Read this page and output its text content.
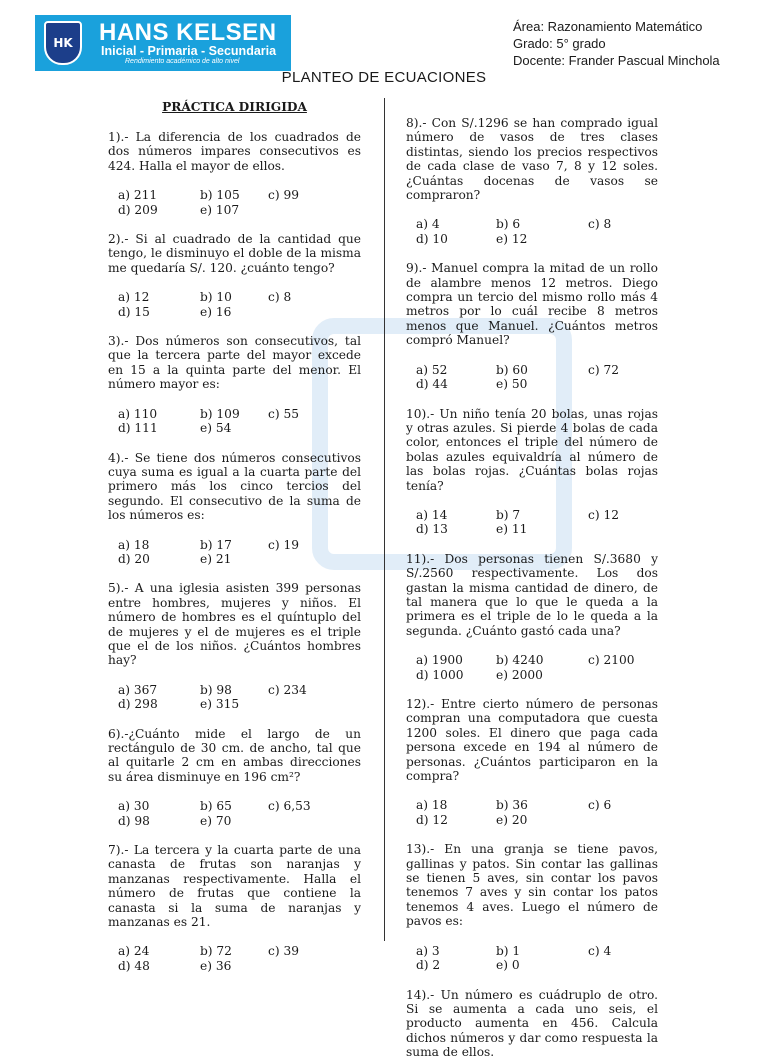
HK HANS KELSEN
Inicial - Primaria - Secundaria
Rendimiento académico de alto nivel
Área: Razonamiento Matemático
Grado: 5° grado
Docente: Frander Pascual Minchola
PLANTEO DE ECUACIONES
PRÁCTICA DIRIGIDA
1).- La diferencia de los cuadrados de dos números impares consecutivos es 424. Halla el mayor de ellos.
a) 211	b) 105	c) 99
d) 209	e) 107
2).- Si al cuadrado de la cantidad que tengo, le disminuyo el doble de la misma me quedaría S/. 120. ¿cuánto tengo?
a) 12	b) 10	c) 8
d) 15	e) 16
3).- Dos números son consecutivos, tal que la tercera parte del mayor excede en 15 a la quinta parte del menor. El número mayor es:
a) 110	b) 109	c) 55
d) 111	e) 54
4).- Se tiene dos números consecutivos cuya suma es igual a la cuarta parte del primero más los cinco tercios del segundo. El consecutivo de la suma de los números es:
a) 18	b) 17	c) 19
d) 20	e) 21
5).- A una iglesia asisten 399 personas entre hombres, mujeres y niños. El número de hombres es el quíntuplo del de mujeres y el de mujeres es el triple que el de los niños. ¿Cuántos hombres hay?
a) 367	b) 98	c) 234
d) 298	e) 315
6).-¿Cuánto mide el largo de un rectángulo de 30 cm. de ancho, tal que al quitarle 2 cm en ambas direcciones su área disminuye en 196 cm²?
a) 30	b) 65	c) 6,53
d) 98	e) 70
7).- La tercera y la cuarta parte de una canasta de frutas son naranjas y manzanas respectivamente. Halla el número de frutas que contiene la canasta si la suma de naranjas y manzanas es 21.
a) 24	b) 72	c) 39
d) 48	e) 36
8).- Con S/.1296 se han comprado igual número de vasos de tres clases distintas, siendo los precios respectivos de cada clase de vaso 7, 8 y 12 soles. ¿Cuántas docenas de vasos se compraron?
a) 4	b) 6	c) 8
d) 10	e) 12
9).- Manuel compra la mitad de un rollo de alambre menos 12 metros. Diego compra un tercio del mismo rollo más 4 metros por lo cuál recibe 8 metros menos que Manuel. ¿Cuántos metros compró Manuel?
a) 52	b) 60	c) 72
d) 44	e) 50
10).- Un niño tenía 20 bolas, unas rojas y otras azules. Si pierde 4 bolas de cada color, entonces el triple del número de bolas azules equivaldría al número de las bolas rojas. ¿Cuántas bolas rojas tenía?
a) 14	b) 7	c) 12
d) 13	e) 11
11).- Dos personas tienen S/.3680 y S/.2560 respectivamente. Los dos gastan la misma cantidad de dinero, de tal manera que lo que le queda a la primera es el triple de lo le queda a la segunda. ¿Cuánto gastó cada una?
a) 1900	b) 4240	c) 2100
d) 1000	e) 2000
12).- Entre cierto número de personas compran una computadora que cuesta 1200 soles. El dinero que paga cada persona excede en 194 al número de personas. ¿Cuántos participaron en la compra?
a) 18	b) 36	c) 6
d) 12	e) 20
13).- En una granja se tiene pavos, gallinas y patos. Sin contar las gallinas se tienen 5 aves, sin contar los pavos tenemos 7 aves y sin contar los patos tenemos 4 aves. Luego el número de pavos es:
a) 3	b) 1	c) 4
d) 2	e) 0
14).- Un número es cuádruplo de otro. Si se aumenta a cada uno seis, el producto aumenta en 456. Calcula dichos números y dar como respuesta la suma de ellos.
